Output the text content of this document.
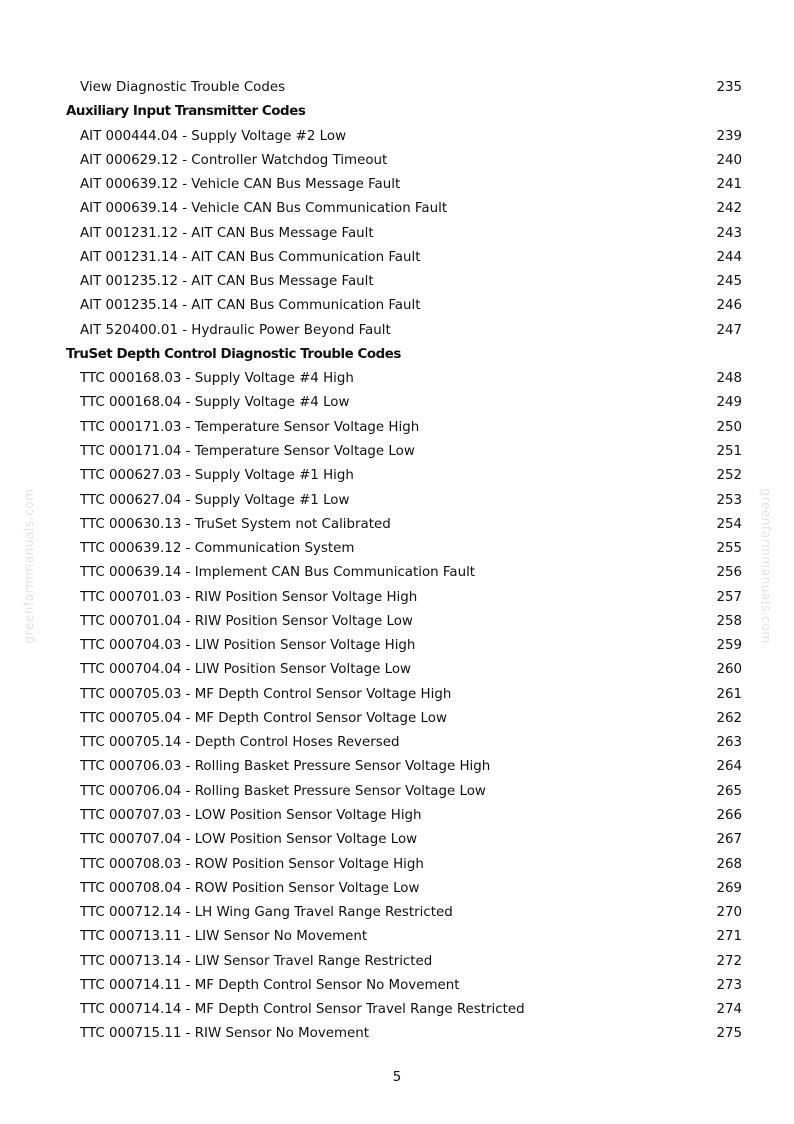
greenfarmmanuals.com	greenfarmmanuals.com
View Diagnostic Trouble Codes	235
Auxiliary Input Transmitter Codes
AIT 000444.04 - Supply Voltage #2 Low	239
AIT 000629.12 - Controller Watchdog Timeout	240
AIT 000639.12 - Vehicle CAN Bus Message Fault	241
AIT 000639.14 - Vehicle CAN Bus Communication Fault	242
AIT 001231.12 - AIT CAN Bus Message Fault	243
AIT 001231.14 - AIT CAN Bus Communication Fault	244
AIT 001235.12 - AIT CAN Bus Message Fault	245
AIT 001235.14 - AIT CAN Bus Communication Fault	246
AIT 520400.01 - Hydraulic Power Beyond Fault	247
TruSet Depth Control Diagnostic Trouble Codes
TTC 000168.03 - Supply Voltage #4 High	248
TTC 000168.04 - Supply Voltage #4 Low	249
TTC 000171.03 - Temperature Sensor Voltage High	250
TTC 000171.04 - Temperature Sensor Voltage Low	251
TTC 000627.03 - Supply Voltage #1 High	252
TTC 000627.04 - Supply Voltage #1 Low	253
TTC 000630.13 - TruSet System not Calibrated	254
TTC 000639.12 - Communication System	255
TTC 000639.14 - Implement CAN Bus Communication Fault	256
TTC 000701.03 - RIW Position Sensor Voltage High	257
TTC 000701.04 - RIW Position Sensor Voltage Low	258
TTC 000704.03 - LIW Position Sensor Voltage High	259
TTC 000704.04 - LIW Position Sensor Voltage Low	260
TTC 000705.03 - MF Depth Control Sensor Voltage High	261
TTC 000705.04 - MF Depth Control Sensor Voltage Low	262
TTC 000705.14 - Depth Control Hoses Reversed	263
TTC 000706.03 - Rolling Basket Pressure Sensor Voltage High	264
TTC 000706.04 - Rolling Basket Pressure Sensor Voltage Low	265
TTC 000707.03 - LOW Position Sensor Voltage High	266
TTC 000707.04 - LOW Position Sensor Voltage Low	267
TTC 000708.03 - ROW Position Sensor Voltage High	268
TTC 000708.04 - ROW Position Sensor Voltage Low	269
TTC 000712.14 - LH Wing Gang Travel Range Restricted	270
TTC 000713.11 - LIW Sensor No Movement	271
TTC 000713.14 - LIW Sensor Travel Range Restricted	272
TTC 000714.11 - MF Depth Control Sensor No Movement	273
TTC 000714.14 - MF Depth Control Sensor Travel Range Restricted	274
TTC 000715.11 - RIW Sensor No Movement	275
5
